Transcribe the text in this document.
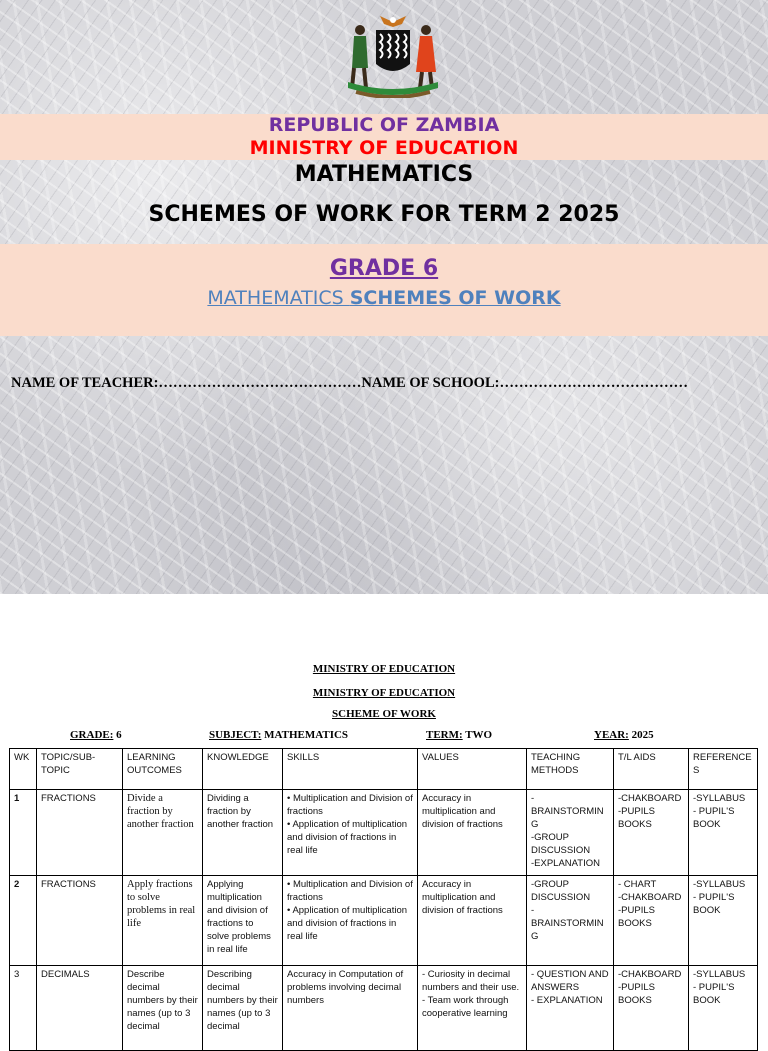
REPUBLIC OF ZAMBIA
MINISTRY OF EDUCATION
MATHEMATICS
SCHEMES OF WORK FOR TERM 2 2025
GRADE 6
MATHEMATICS SCHEMES OF WORK
NAME OF TEACHER:……………………………………NAME OF SCHOOL:…………………………………
MINISTRY OF EDUCATION
MINISTRY OF EDUCATION
SCHEME OF WORK
GRADE: 6	SUBJECT: MATHEMATICS	TERM: TWO	YEAR: 2025
WK	TOPIC/SUB-TOPIC	LEARNING OUTCOMES	KNOWLEDGE	SKILLS	VALUES	TEACHING METHODS	T/L AIDS	REFERENCES
1	FRACTIONS	Divide a fraction by another fraction	Dividing a fraction by another fraction	• Multiplication and Division of fractions
• Application of multiplication and division of fractions in real life	Accuracy in multiplication and division of fractions	- BRAINSTORMIN G
-GROUP DISCUSSION
-EXPLANATION	-CHAKBOARD
-PUPILS BOOKS	-SYLLABUS
- PUPIL'S BOOK
2	FRACTIONS	Apply fractions to solve problems in real life	Applying multiplication and division of fractions to solve problems in real life	• Multiplication and Division of fractions
• Application of multiplication and division of fractions in real life	Accuracy in multiplication and division of fractions	-GROUP DISCUSSION
- BRAINSTORMIN G	- CHART
-CHAKBOARD
-PUPILS BOOKS	-SYLLABUS
- PUPIL'S BOOK
3	DECIMALS	Describe decimal numbers by their names (up to 3 decimal	Describing decimal numbers by their names (up to 3 decimal	Accuracy in Computation of problems involving decimal numbers	- Curiosity in decimal numbers and their use.
- Team work through cooperative learning	- QUESTION AND ANSWERS
- EXPLANATION	-CHAKBOARD
-PUPILS BOOKS	-SYLLABUS
- PUPIL'S BOOK
